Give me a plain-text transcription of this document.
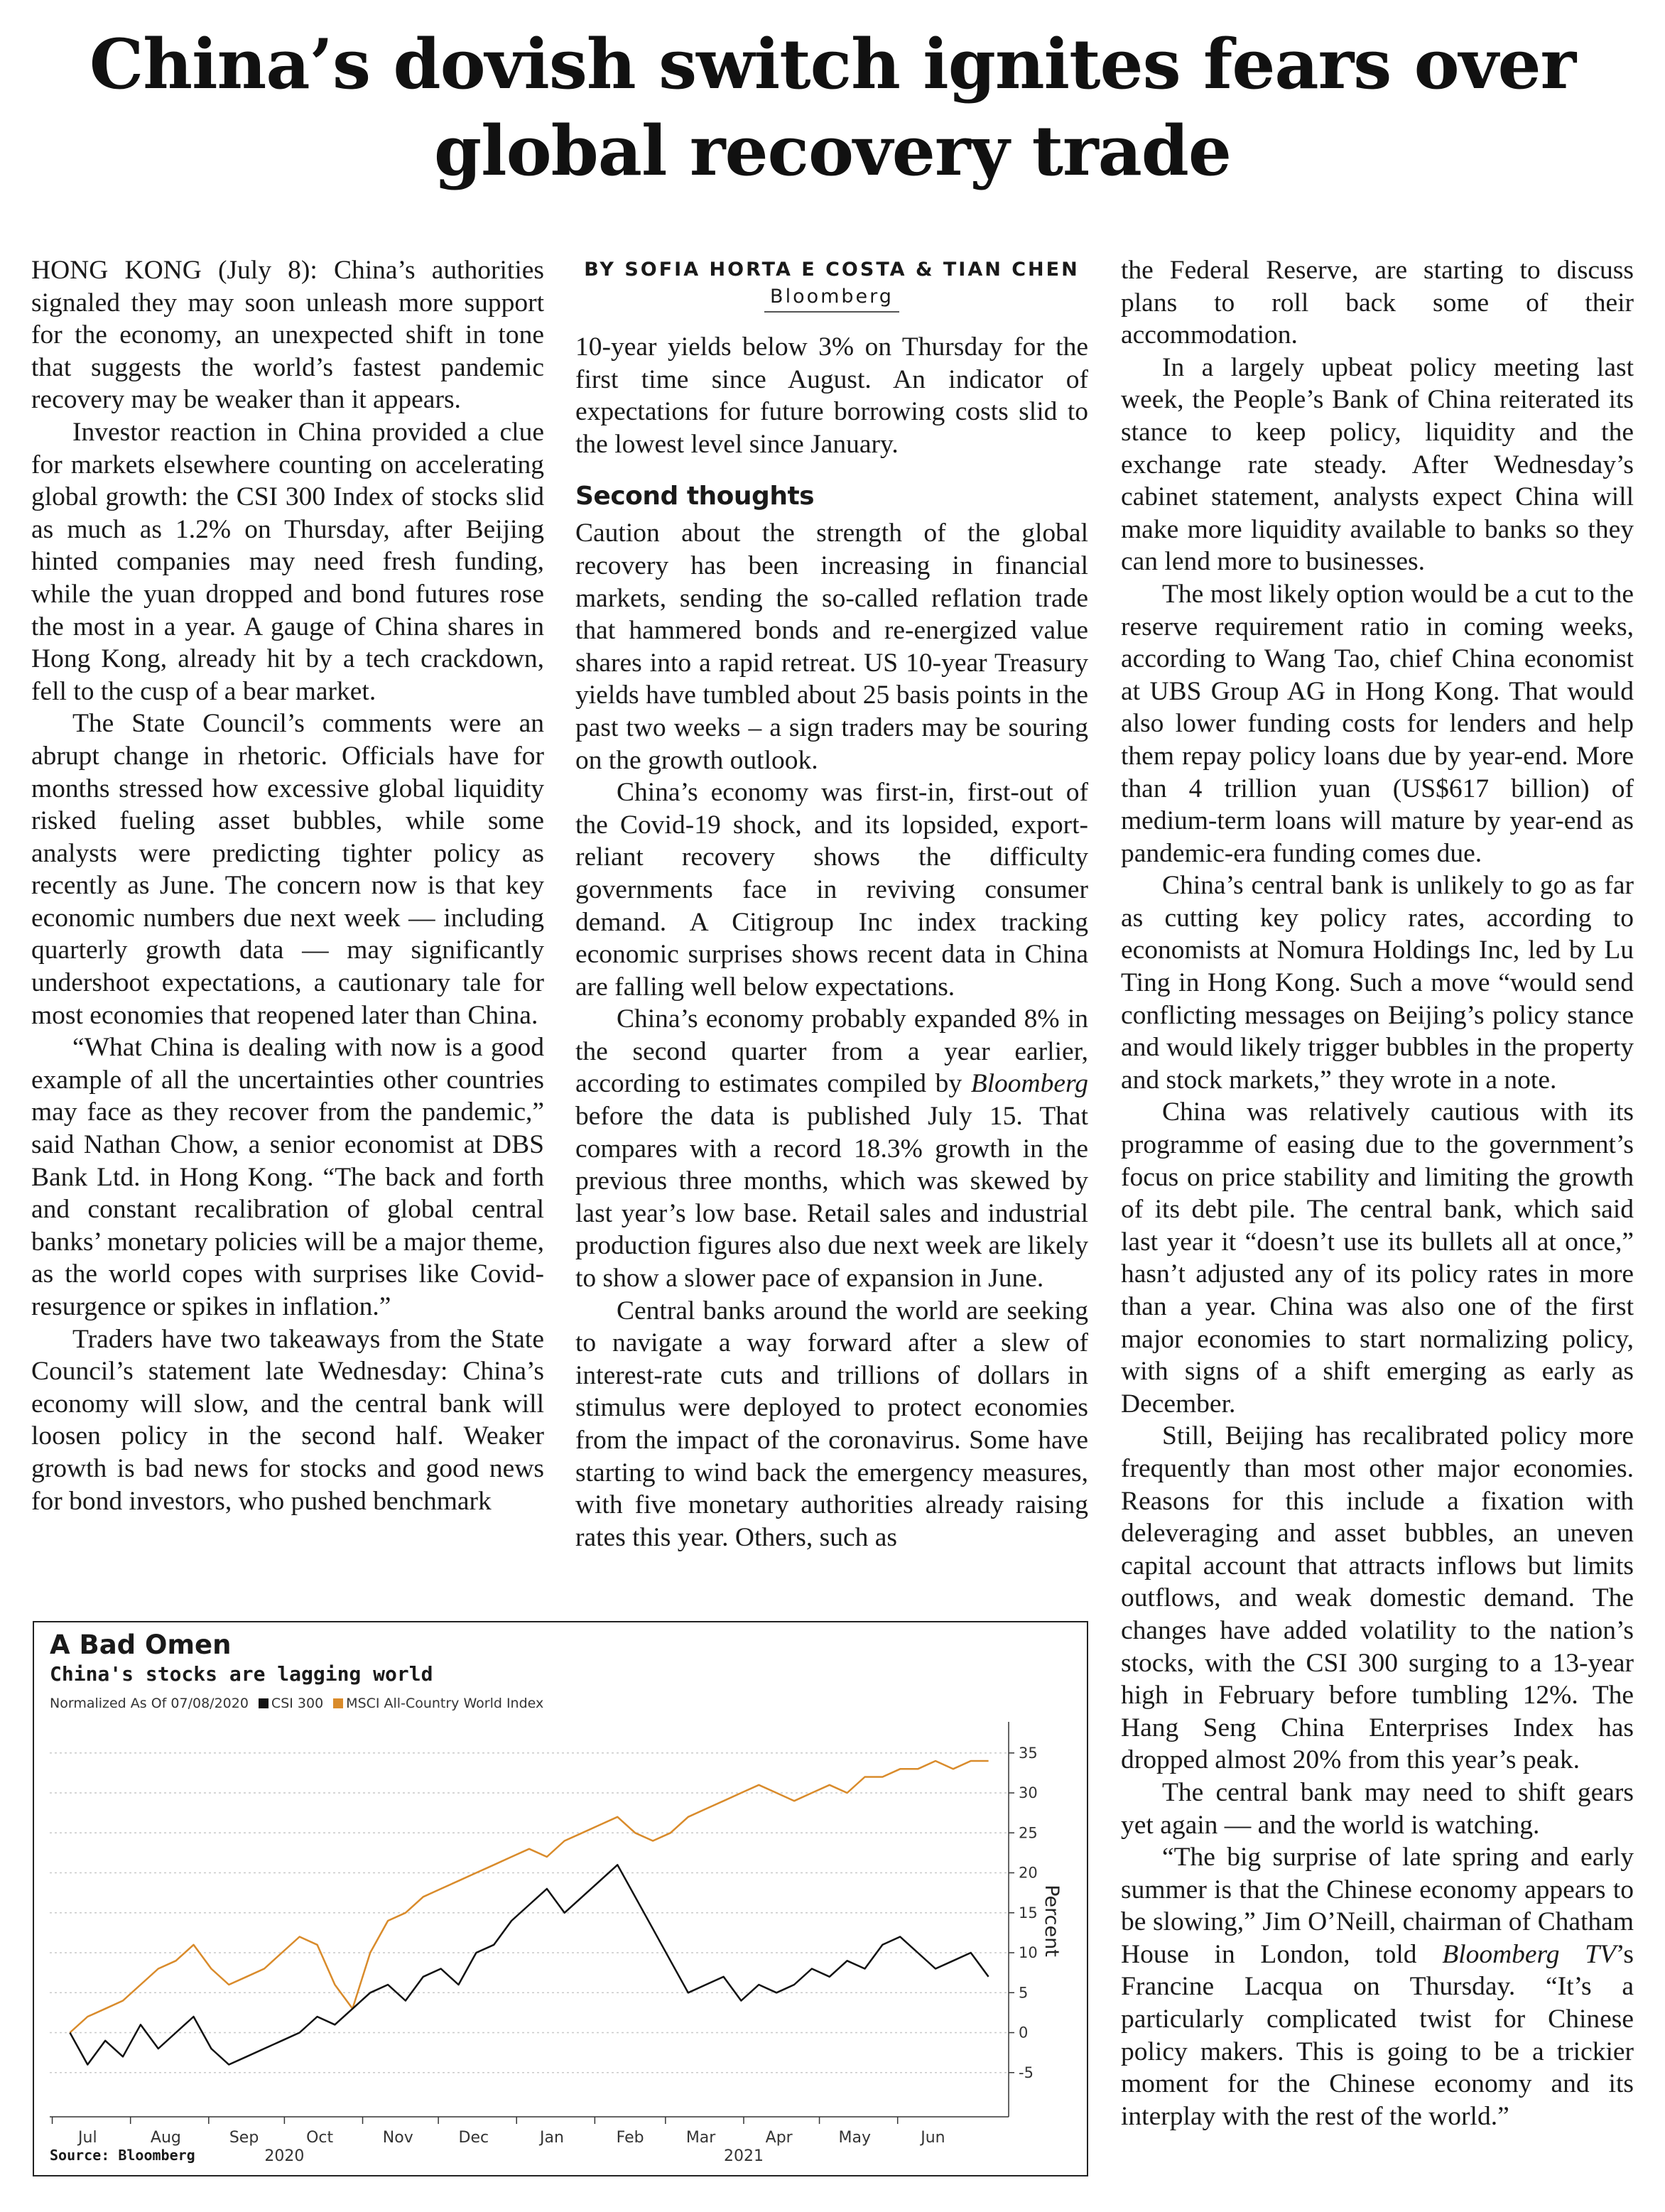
China’s dovish switch ignites fears over
global recovery trade

HONG KONG (July 8): China’s authorities signaled they may soon unleash more support for the economy, an unexpected shift in tone that suggests the world’s fastest pandemic recovery may be weaker than it appears.

Investor reaction in China provided a clue for markets elsewhere counting on accelerating global growth: the CSI 300 Index of stocks slid as much as 1.2% on Thursday, after Beijing hinted companies may need fresh funding, while the yuan dropped and bond futures rose the most in a year. A gauge of China shares in Hong Kong, already hit by a tech crackdown, fell to the cusp of a bear market.

The State Council’s comments were an abrupt change in rhetoric. Officials have for months stressed how excessive global liquidity risked fueling asset bubbles, while some analysts were predicting tighter policy as recently as June. The concern now is that key economic numbers due next week — including quarterly growth data — may significantly undershoot expectations, a cautionary tale for most economies that reopened later than China.

“What China is dealing with now is a good example of all the uncertainties other countries may face as they recover from the pandemic,” said Nathan Chow, a senior economist at DBS Bank Ltd. in Hong Kong. “The back and forth and constant recalibration of global central banks’ monetary policies will be a major theme, as the world copes with surprises like Covid-resurgence or spikes in inflation.”

Traders have two takeaways from the State Council’s statement late Wednesday: China’s economy will slow, and the central bank will loosen policy in the second half. Weaker growth is bad news for stocks and good news for bond investors, who pushed benchmark

BY SOFIA HORTA E COSTA & TIAN CHEN
Bloomberg

10-year yields below 3% on Thursday for the first time since August. An indicator of expectations for future borrowing costs slid to the lowest level since January.

Second thoughts

Caution about the strength of the global recovery has been increasing in financial markets, sending the so-called reflation trade that hammered bonds and re-energized value shares into a rapid retreat. US 10-year Treasury yields have tumbled about 25 basis points in the past two weeks – a sign traders may be souring on the growth outlook.

China’s economy was first-in, first-out of the Covid-19 shock, and its lopsided, export-reliant recovery shows the difficulty governments face in reviving consumer demand. A Citigroup Inc index tracking economic surprises shows recent data in China are falling well below expectations.

China’s economy probably expanded 8% in the second quarter from a year earlier, according to estimates compiled by Bloomberg before the data is published July 15. That compares with a record 18.3% growth in the previous three months, which was skewed by last year’s low base. Retail sales and industrial production figures also due next week are likely to show a slower pace of expansion in June.

Central banks around the world are seeking to navigate a way forward after a slew of interest-rate cuts and trillions of dollars in stimulus were deployed to protect economies from the impact of the coronavirus. Some have starting to wind back the emergency measures, with five monetary authorities already raising rates this year. Others, such as

the Federal Reserve, are starting to discuss plans to roll back some of their accommodation.

In a largely upbeat policy meeting last week, the People’s Bank of China reiterated its stance to keep policy, liquidity and the exchange rate steady. After Wednesday’s cabinet statement, analysts expect China will make more liquidity available to banks so they can lend more to businesses.

The most likely option would be a cut to the reserve requirement ratio in coming weeks, according to Wang Tao, chief China economist at UBS Group AG in Hong Kong. That would also lower funding costs for lenders and help them repay policy loans due by year-end. More than 4 trillion yuan (US$617 billion) of medium-term loans will mature by year-end as pandemic-era funding comes due.

China’s central bank is unlikely to go as far as cutting key policy rates, according to economists at Nomura Holdings Inc, led by Lu Ting in Hong Kong. Such a move “would send conflicting messages on Beijing’s policy stance and would likely trigger bubbles in the property and stock markets,” they wrote in a note.

China was relatively cautious with its programme of easing due to the government’s focus on price stability and limiting the growth of its debt pile. The central bank, which said last year it “doesn’t use its bullets all at once,” hasn’t adjusted any of its policy rates in more than a year. China was also one of the first major economies to start normalizing policy, with signs of a shift emerging as early as December.

Still, Beijing has recalibrated policy more frequently than most other major economies. Reasons for this include a fixation with deleveraging and asset bubbles, an uneven capital account that attracts inflows but limits outflows, and weak domestic demand. The changes have added volatility to the nation’s stocks, with the CSI 300 surging to a 13-year high in February before tumbling 12%. The Hang Seng China Enterprises Index has dropped almost 20% from this year’s peak.

The central bank may need to shift gears yet again — and the world is watching.

“The big surprise of late spring and early summer is that the Chinese economy appears to be slowing,” Jim O’Neill, chairman of Chatham House in London, told Bloomberg TV’s Francine Lacqua on Thursday. “It’s a particularly complicated twist for Chinese policy makers. This is going to be a trickier moment for the Chinese economy and its interplay with the rest of the world.”

-5
0
5
10
15
20
25
30
35
Percent
Jul	Aug	Sep	Oct	Nov	Dec	Jan	Feb	Mar	Apr	May	Jun
2020	2021
A Bad Omen
China's stocks are lagging world
Normalized As Of 07/08/2020 CSI 300 MSCI All-Country World Index
Source: Bloomberg
